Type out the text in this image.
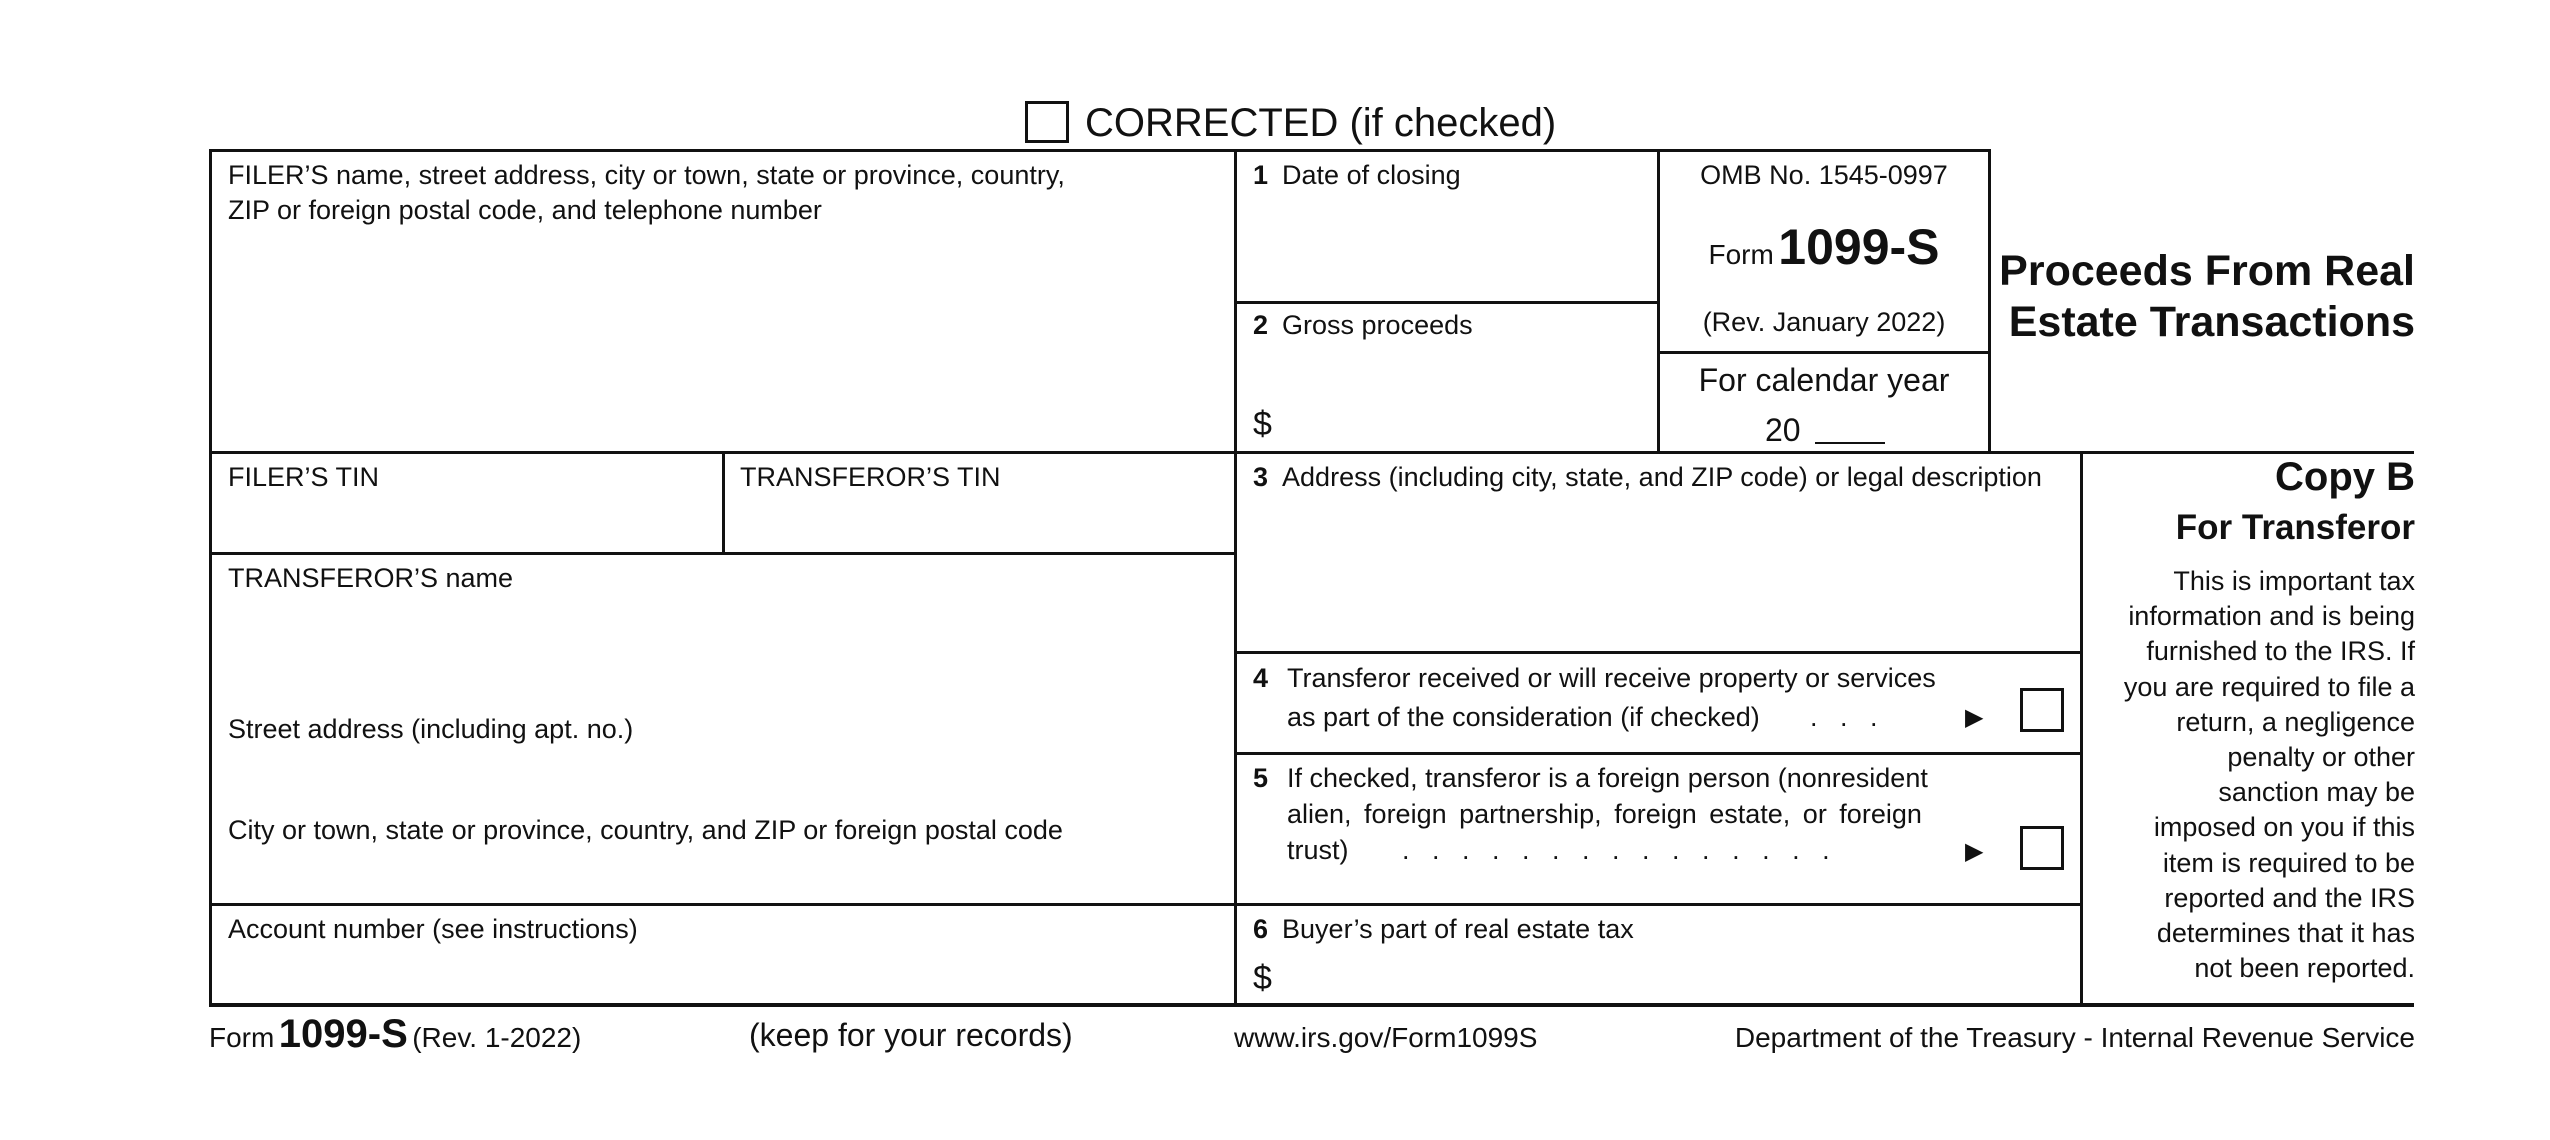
CORRECTED (if checked)
FILER’S name, street address, city or town, state or province, country,
ZIP or foreign postal code, and telephone number
1 Date of closing
2 Gross proceeds
$
OMB No. 1545-0997
Form 1099-S
(Rev. January 2022)
For calendar year
20
Proceeds From Real
Estate Transactions
FILER’S TIN	TRANSFEROR’S TIN
TRANSFEROR’S name
Street address (including apt. no.)
City or town, state or province, country, and ZIP or foreign postal code
3 Address (including city, state, and ZIP code) or legal description
4 Transferor received or will receive property or services
as part of the consideration (if checked) .   .   .	▶
5 If checked, transferor is a foreign person (nonresident
alien, foreign partnership, foreign estate, or foreign
trust) .   .   .   .   .   .   .   .   .   .   .   .   .   .   .	▶
Account number (see instructions)	6 Buyer’s part of real estate tax
$
Copy B
For Transferor
This is important tax
information and is being
furnished to the IRS. If
you are required to file a
return, a negligence
penalty or other
sanction may be
imposed on you if this
item is required to be
reported and the IRS
determines that it has
not been reported.
Form 1099-S (Rev. 1-2022)	(keep for your records)	www.irs.gov/Form1099S	Department of the Treasury - Internal Revenue Service
